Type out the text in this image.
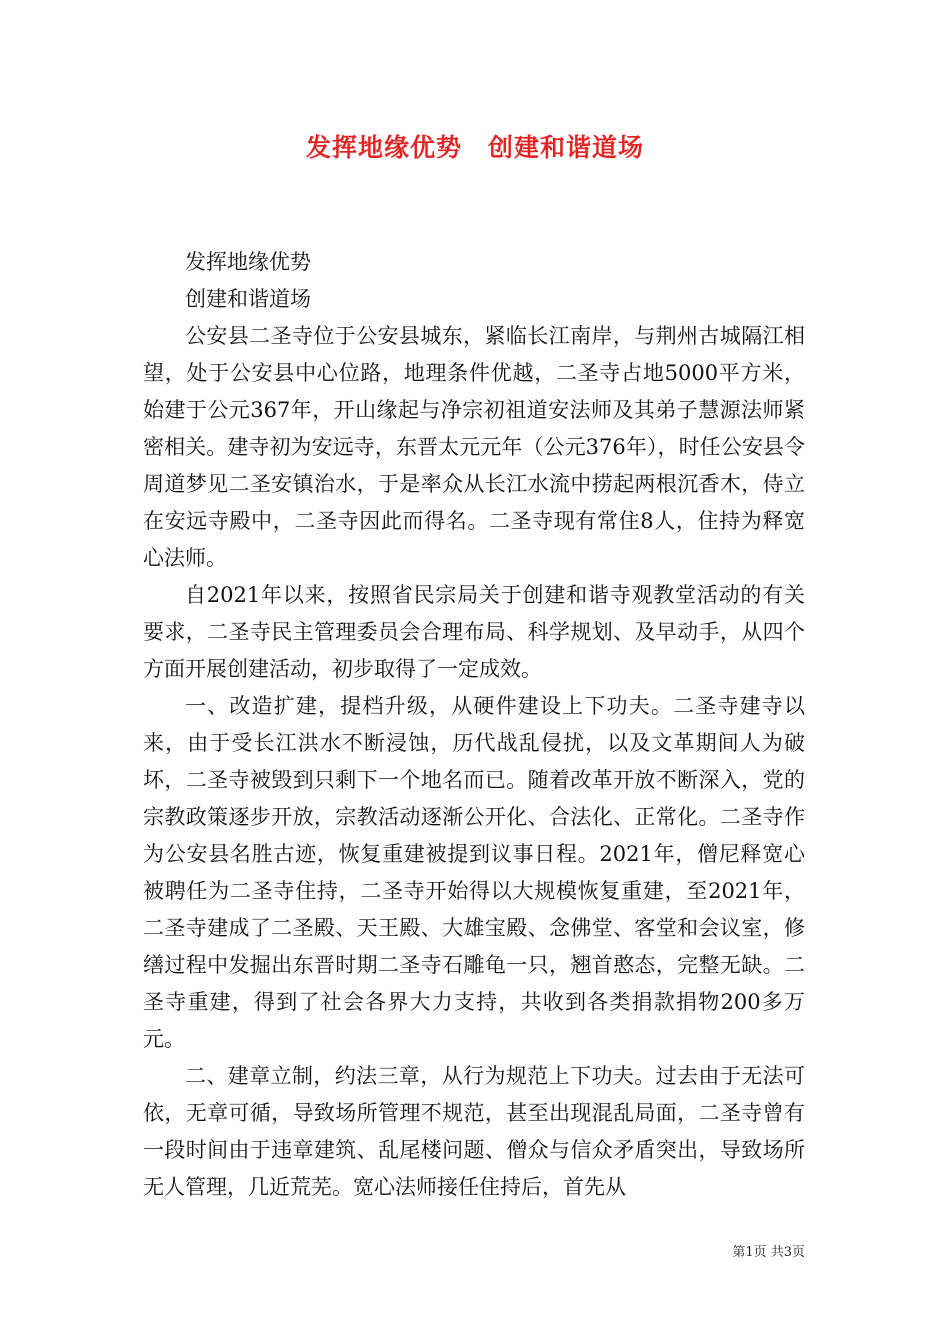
发挥地缘优势　创建和谐道场

发挥地缘优势

创建和谐道场

公安县二圣寺位于公安县城东，紧临长江南岸，与荆州古城隔江相望，处于公安县中心位路，地理条件优越，二圣寺占地5000平方米，始建于公元367年，开山缘起与净宗初祖道安法师及其弟子慧源法师紧密相关。建寺初为安远寺，东晋太元元年（公元376年），时任公安县令周道梦见二圣安镇治水，于是率众从长江水流中捞起两根沉香木，侍立在安远寺殿中，二圣寺因此而得名。二圣寺现有常住8人，住持为释宽心法师。

自2021年以来，按照省民宗局关于创建和谐寺观教堂活动的有关要求，二圣寺民主管理委员会合理布局、科学规划、及早动手，从四个方面开展创建活动，初步取得了一定成效。

一、改造扩建，提档升级，从硬件建设上下功夫。二圣寺建寺以来，由于受长江洪水不断浸蚀，历代战乱侵扰，以及文革期间人为破坏，二圣寺被毁到只剩下一个地名而已。随着改革开放不断深入，党的宗教政策逐步开放，宗教活动逐渐公开化、合法化、正常化。二圣寺作为公安县名胜古迹，恢复重建被提到议事日程。2021年，僧尼释宽心被聘任为二圣寺住持，二圣寺开始得以大规模恢复重建，至2021年，二圣寺建成了二圣殿、天王殿、大雄宝殿、念佛堂、客堂和会议室，修缮过程中发掘出东晋时期二圣寺石雕龟一只，翘首憨态，完整无缺。二圣寺重建，得到了社会各界大力支持，共收到各类捐款捐物200多万元。

二、建章立制，约法三章，从行为规范上下功夫。过去由于无法可依，无章可循，导致场所管理不规范，甚至出现混乱局面，二圣寺曾有一段时间由于违章建筑、乱尾楼问题、僧众与信众矛盾突出，导致场所无人管理，几近荒芜。宽心法师接任住持后，首先从

第1页 共3页
